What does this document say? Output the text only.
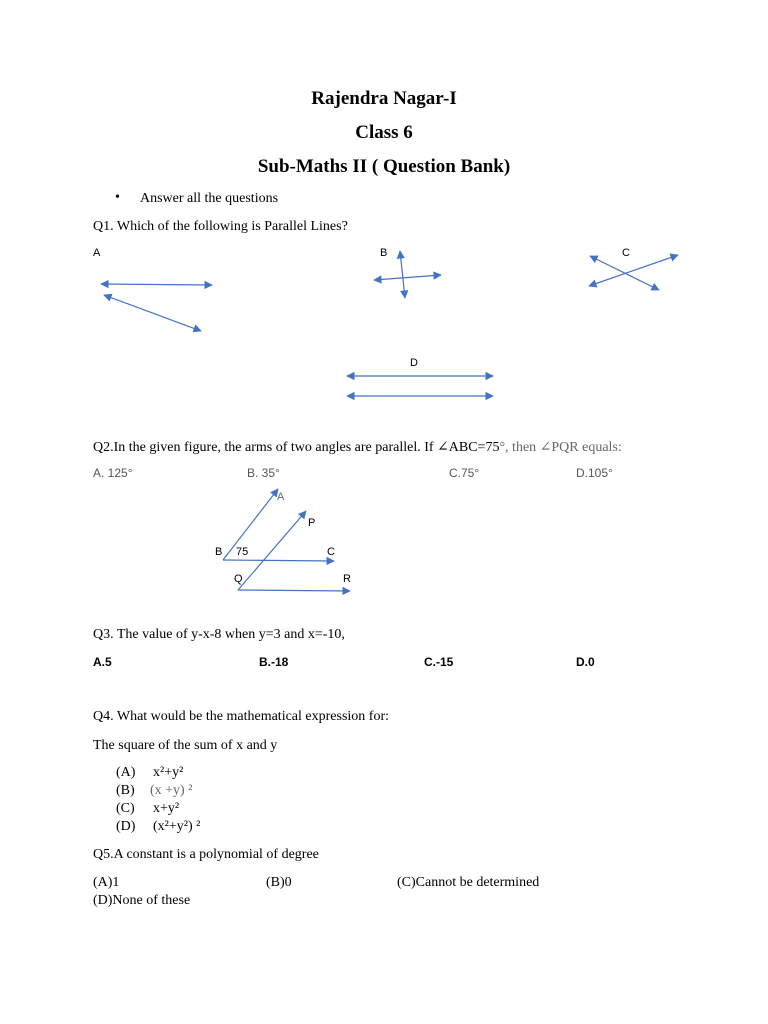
Rajendra Nagar-I
Class 6
Sub-Maths II ( Question Bank)
• Answer all the questions
Q1. Which of the following is Parallel Lines?
A	B	C
D
Q2.In the given figure, the arms of two angles are parallel. If ∠ABC=75°, then ∠PQR equals:
A. 125°	B. 35°	C.75°	D.105°
A
P
B 75	C
Q	R
Q3. The value of y-x-8 when y=3 and x=-10,
A.5	B.-18	C.-15	D.0
Q4. What would be the mathematical expression for:
The square of the sum of x and y
(A) x²+y²
(B) (x +y) ²
(C) x+y²
(D) (x²+y²) ²
Q5.A constant is a polynomial of degree
(A)1	(B)0	(C)Cannot be determined
(D)None of these
